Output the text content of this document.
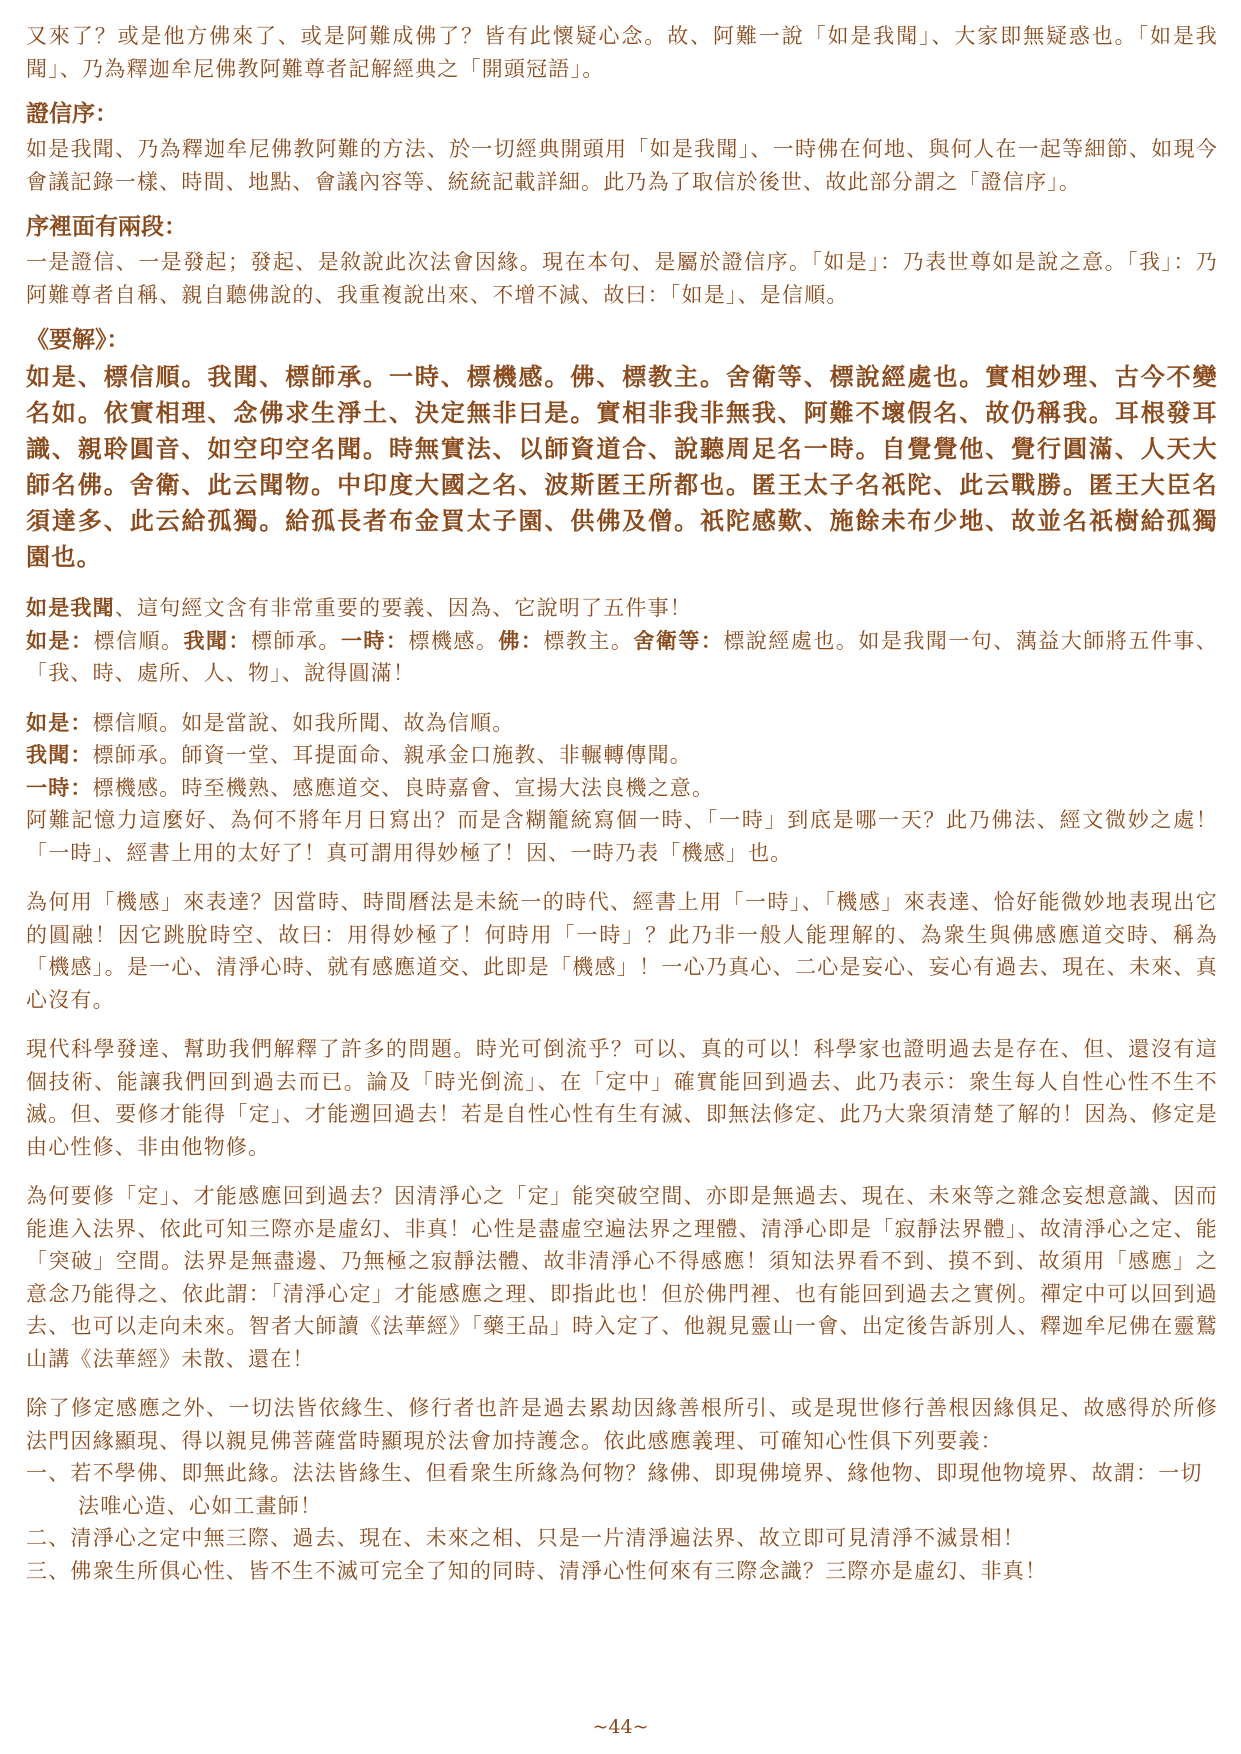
又來了？或是他方佛來了、或是阿難成佛了？皆有此懷疑心念。故、阿難一說「如是我聞」、大家即無疑惑也。「如是我聞」、乃為釋迦牟尼佛教阿難尊者記解經典之「開頭冠語」。

證信序：

如是我聞、乃為釋迦牟尼佛教阿難的方法、於一切經典開頭用「如是我聞」、一時佛在何地、與何人在一起等細節、如現今會議記錄一樣、時間、地點、會議內容等、統統記載詳細。此乃為了取信於後世、故此部分謂之「證信序」。

序裡面有兩段：

一是證信、一是發起；發起、是敘說此次法會因緣。現在本句、是屬於證信序。「如是」：乃表世尊如是說之意。「我」：乃阿難尊者自稱、親自聽佛說的、我重複說出來、不增不減、故曰：「如是」、是信順。

《要解》：

如是、標信順。我聞、標師承。一時、標機感。佛、標教主。舍衛等、標說經處也。實相妙理、古今不變名如。依實相理、念佛求生淨土、決定無非曰是。實相非我非無我、阿難不壞假名、故仍稱我。耳根發耳識、親聆圓音、如空印空名聞。時無實法、以師資道合、說聽周足名一時。自覺覺他、覺行圓滿、人天大師名佛。舍衛、此云聞物。中印度大國之名、波斯匿王所都也。匿王太子名祇陀、此云戰勝。匿王大臣名須達多、此云給孤獨。給孤長者布金買太子園、供佛及僧。祇陀感歎、施餘未布少地、故並名祇樹給孤獨園也。

如是我聞、這句經文含有非常重要的要義、因為、它說明了五件事！

如是：標信順。我聞：標師承。一時：標機感。佛：標教主。舍衛等：標說經處也。如是我聞一句、蕅益大師將五件事、「我、時、處所、人、物」、說得圓滿！

如是：標信順。如是當說、如我所聞、故為信順。

我聞：標師承。師資一堂、耳提面命、親承金口施教、非輾轉傳聞。

一時：標機感。時至機熟、感應道交、良時嘉會、宣揚大法良機之意。

阿難記憶力這麼好、為何不將年月日寫出？而是含糊籠統寫個一時、「一時」到底是哪一天？此乃佛法、經文微妙之處！「一時」、經書上用的太好了！真可謂用得妙極了！因、一時乃表「機感」也。

為何用「機感」來表達？因當時、時間曆法是未統一的時代、經書上用「一時」、「機感」來表達、恰好能微妙地表現出它的圓融！因它跳脫時空、故曰：用得妙極了！何時用「一時」？此乃非一般人能理解的、為衆生與佛感應道交時、稱為「機感」。是一心、清淨心時、就有感應道交、此即是「機感」！一心乃真心、二心是妄心、妄心有過去、現在、未來、真心沒有。

現代科學發達、幫助我們解釋了許多的問題。時光可倒流乎？可以、真的可以！科學家也證明過去是存在、但、還沒有這個技術、能讓我們回到過去而已。論及「時光倒流」、在「定中」確實能回到過去、此乃表示：衆生每人自性心性不生不滅。但、要修才能得「定」、才能遡回過去！若是自性心性有生有滅、即無法修定、此乃大衆須清楚了解的！因為、修定是由心性修、非由他物修。

為何要修「定」、才能感應回到過去？因清淨心之「定」能突破空間、亦即是無過去、現在、未來等之雜念妄想意識、因而能進入法界、依此可知三際亦是虛幻、非真！心性是盡虛空遍法界之理體、清淨心即是「寂靜法界體」、故清淨心之定、能「突破」空間。法界是無盡邊、乃無極之寂靜法體、故非清淨心不得感應！須知法界看不到、摸不到、故須用「感應」之意念乃能得之、依此謂：「清淨心定」才能感應之理、即指此也！但於佛門裡、也有能回到過去之實例。禪定中可以回到過去、也可以走向未來。智者大師讀《法華經》「藥王品」時入定了、他親見靈山一會、出定後告訴別人、釋迦牟尼佛在靈鷲山講《法華經》未散、還在！

除了修定感應之外、一切法皆依緣生、修行者也許是過去累劫因緣善根所引、或是現世修行善根因緣俱足、故感得於所修法門因緣顯現、得以親見佛菩薩當時顯現於法會加持護念。依此感應義理、可確知心性俱下列要義：

一、若不學佛、即無此緣。法法皆緣生、但看衆生所緣為何物？緣佛、即現佛境界、緣他物、即現他物境界、故謂：一切法唯心造、心如工畫師！
二、清淨心之定中無三際、過去、現在、未來之相、只是一片清淨遍法界、故立即可見清淨不滅景相！
三、佛衆生所俱心性、皆不生不滅可完全了知的同時、清淨心性何來有三際念識？三際亦是虛幻、非真！
~44~
